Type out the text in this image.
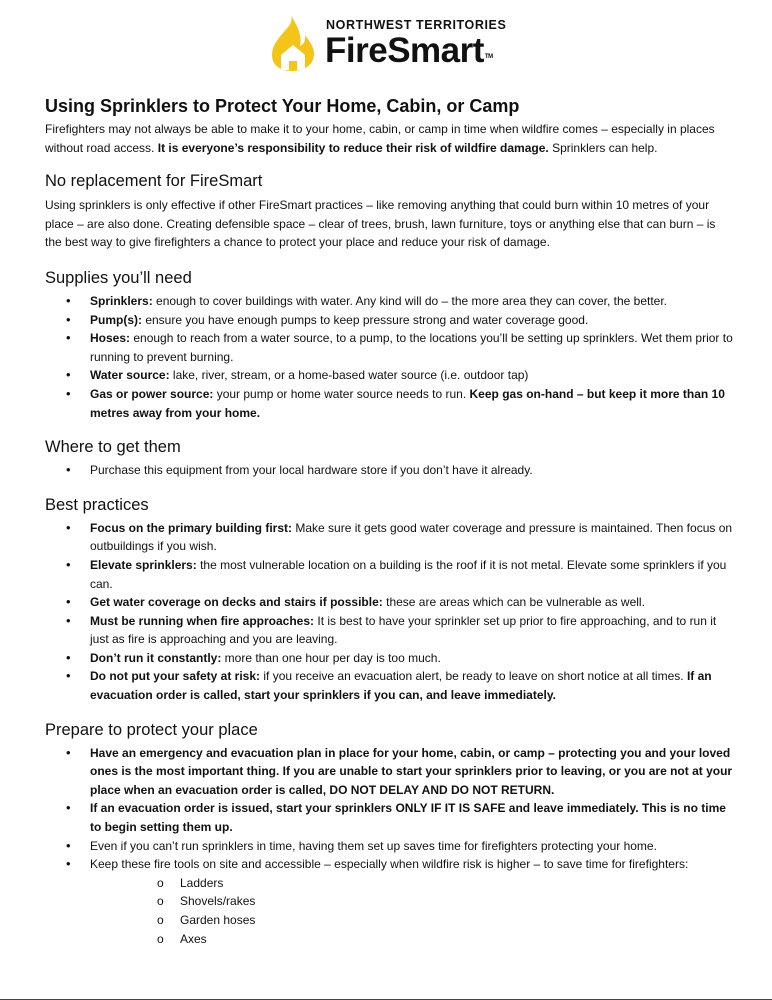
NORTHWEST TERRITORIES
FireSmart™
Using Sprinklers to Protect Your Home, Cabin, or Camp

Firefighters may not always be able to make it to your home, cabin, or camp in time when wildfire comes – especially in places without road access. It is everyone’s responsibility to reduce their risk of wildfire damage. Sprinklers can help.

No replacement for FireSmart

Using sprinklers is only effective if other FireSmart practices – like removing anything that could burn within 10 metres of your place – are also done. Creating defensible space – clear of trees, brush, lawn furniture, toys or anything else that can burn – is the best way to give firefighters a chance to protect your place and reduce your risk of damage.

Supplies you’ll need
• Sprinklers: enough to cover buildings with water. Any kind will do – the more area they can cover, the better.
• Pump(s): ensure you have enough pumps to keep pressure strong and water coverage good.
• Hoses: enough to reach from a water source, to a pump, to the locations you’ll be setting up sprinklers. Wet them prior to running to prevent burning.
• Water source: lake, river, stream, or a home-based water source (i.e. outdoor tap)
• Gas or power source: your pump or home water source needs to run. Keep gas on-hand – but keep it more than 10 metres away from your home.
Where to get them
• Purchase this equipment from your local hardware store if you don’t have it already.
Best practices
• Focus on the primary building first: Make sure it gets good water coverage and pressure is maintained. Then focus on outbuildings if you wish.
• Elevate sprinklers: the most vulnerable location on a building is the roof if it is not metal. Elevate some sprinklers if you can.
• Get water coverage on decks and stairs if possible: these are areas which can be vulnerable as well.
• Must be running when fire approaches: It is best to have your sprinkler set up prior to fire approaching, and to run it just as fire is approaching and you are leaving.
• Don’t run it constantly: more than one hour per day is too much.
• Do not put your safety at risk: if you receive an evacuation alert, be ready to leave on short notice at all times. If an evacuation order is called, start your sprinklers if you can, and leave immediately.
Prepare to protect your place
• Have an emergency and evacuation plan in place for your home, cabin, or camp – protecting you and your loved ones is the most important thing. If you are unable to start your sprinklers prior to leaving, or you are not at your place when an evacuation order is called, DO NOT DELAY AND DO NOT RETURN.
• If an evacuation order is issued, start your sprinklers ONLY IF IT IS SAFE and leave immediately. This is no time to begin setting them up.
• Even if you can’t run sprinklers in time, having them set up saves time for firefighters protecting your home.
• Keep these fire tools on site and accessible – especially when wildfire risk is higher – to save time for firefighters:
o Ladders
o Shovels/rakes
o Garden hoses
o Axes
